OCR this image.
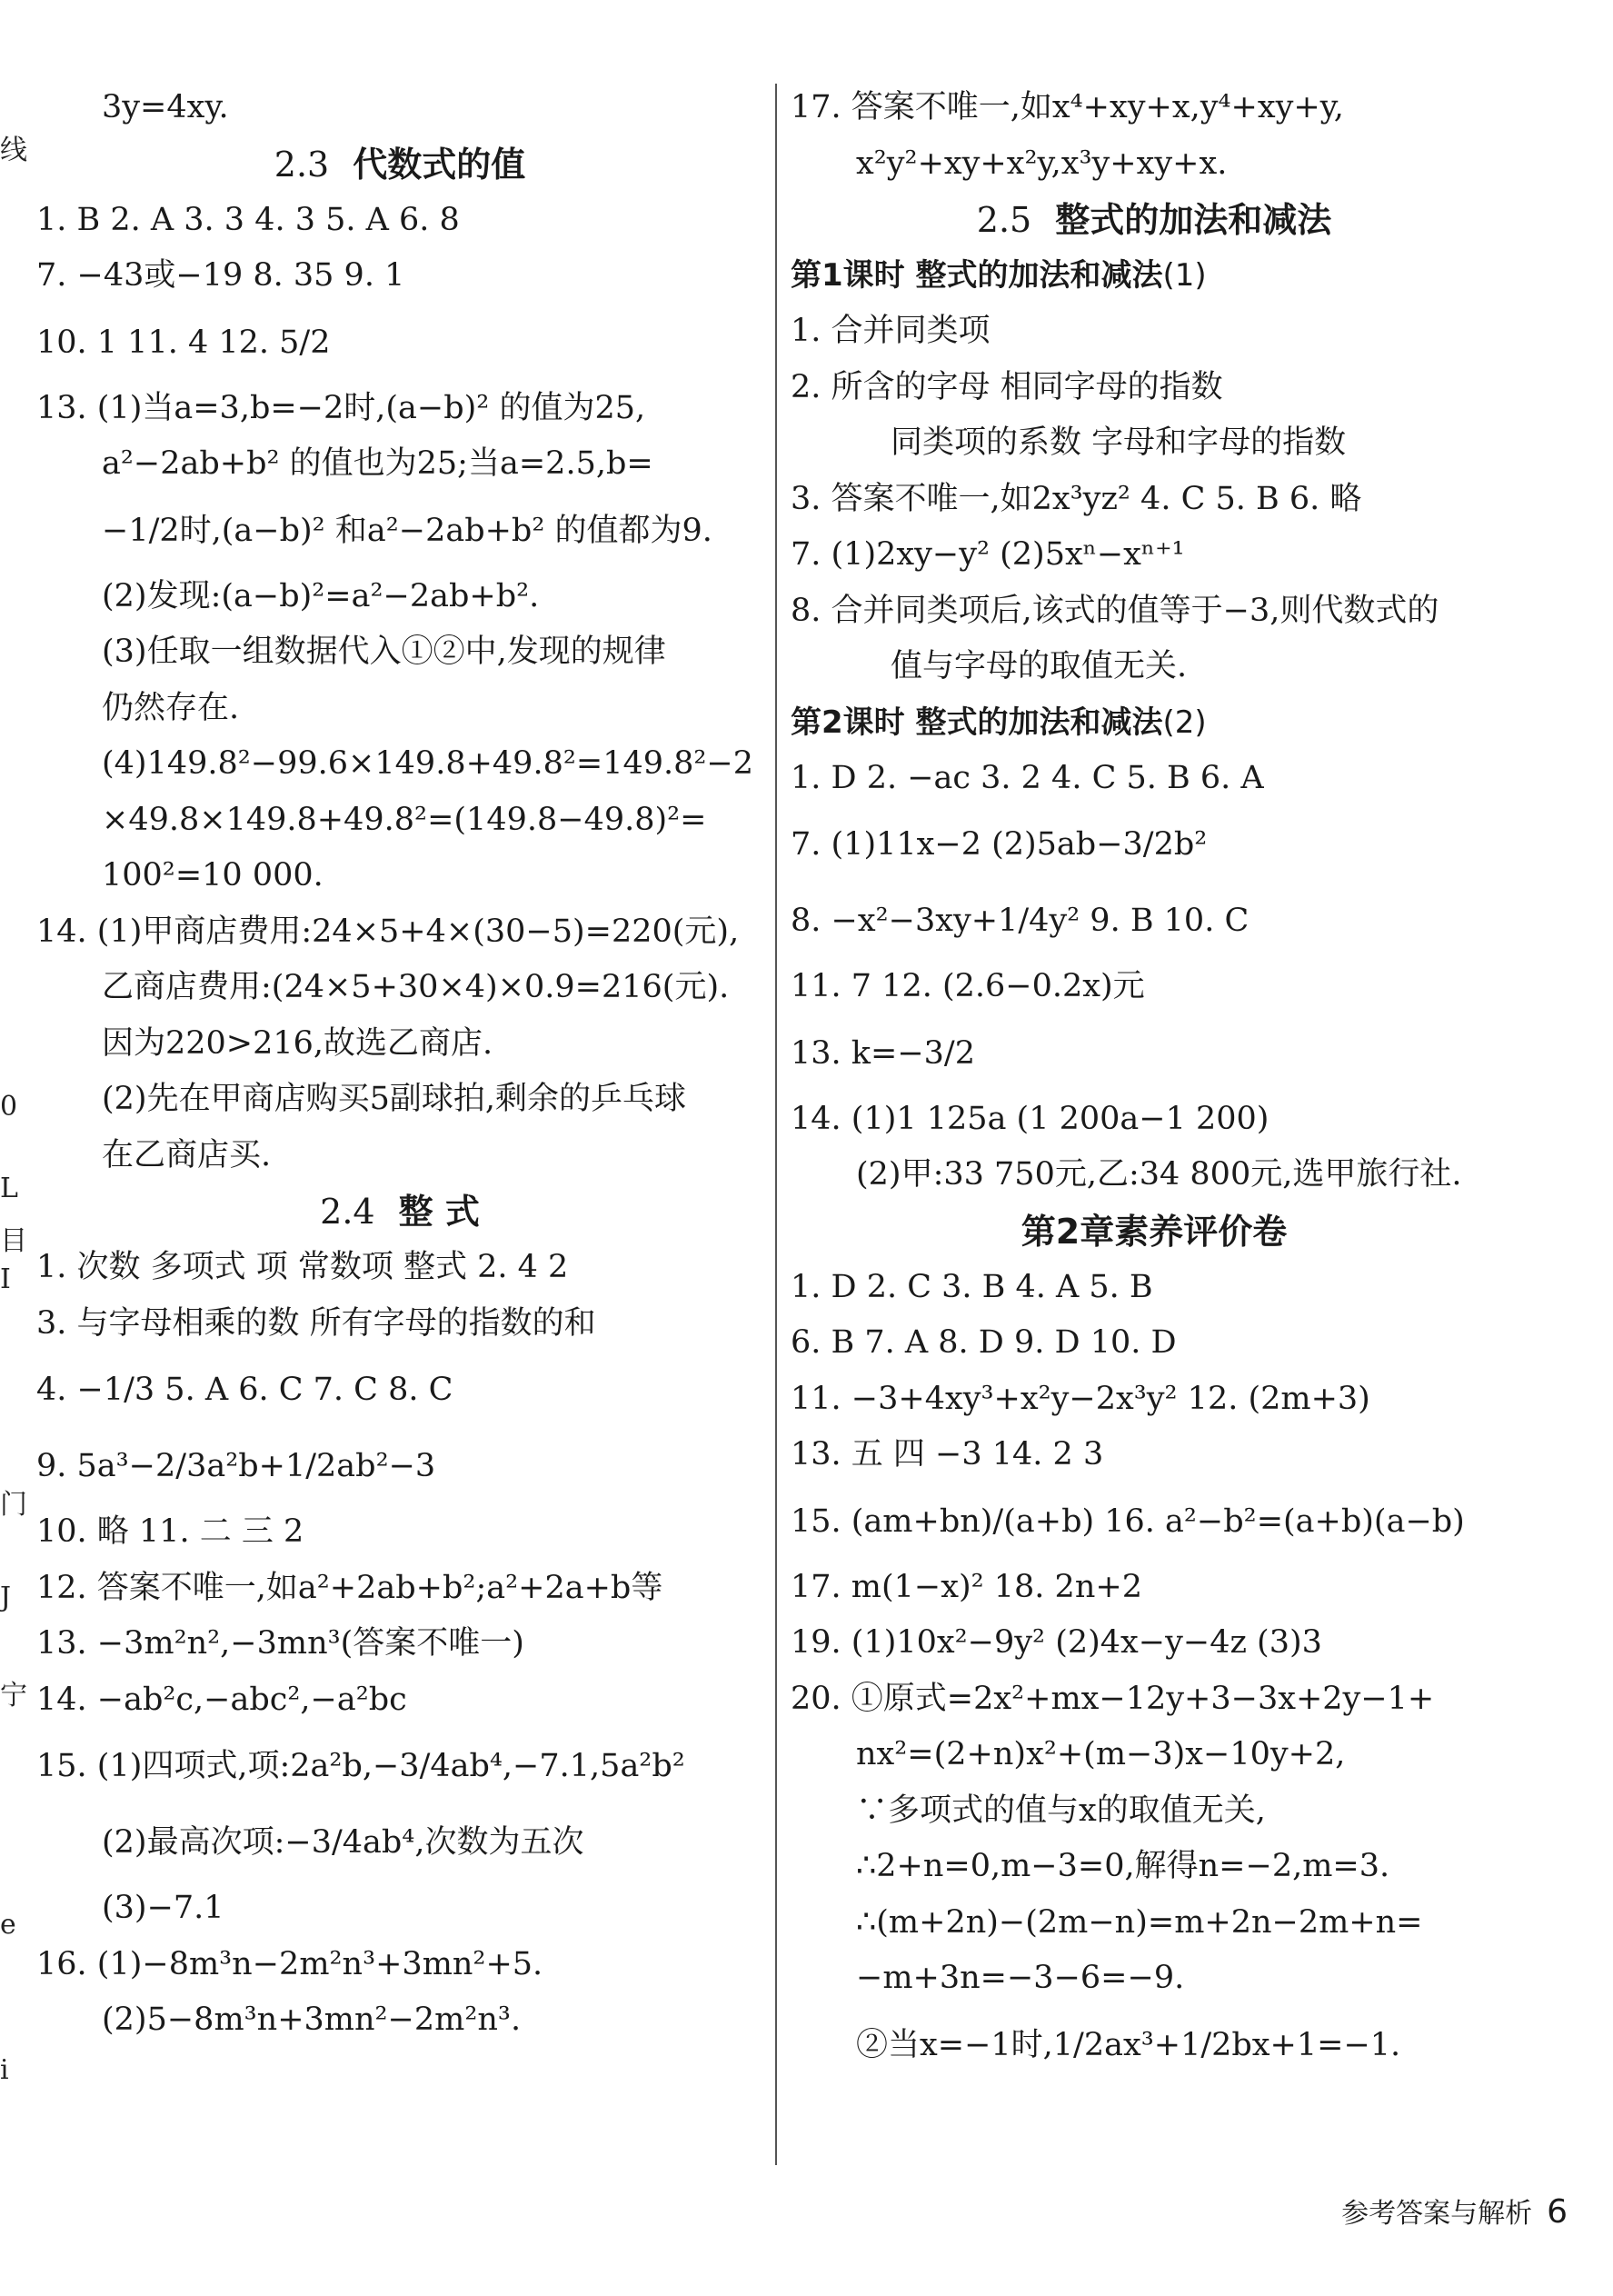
线
0
L
目
I
门
J
宁
e
i
3y=4xy.
2.3 代数式的值
1. B 2. A 3. 3 4. 3 5. A 6. 8
7. −43或−19 8. 35 9. 1
10. 1 11. 4 12. 5/2
13. (1)当a=3,b=−2时,(a−b)² 的值为25,
a²−2ab+b² 的值也为25;当a=2.5,b=
−1/2时,(a−b)² 和a²−2ab+b² 的值都为9.
(2)发现:(a−b)²=a²−2ab+b².
(3)任取一组数据代入①②中,发现的规律
仍然存在.
(4)149.8²−99.6×149.8+49.8²=149.8²−2
×49.8×149.8+49.8²=(149.8−49.8)²=
100²=10 000.
14. (1)甲商店费用:24×5+4×(30−5)=220(元),
乙商店费用:(24×5+30×4)×0.9=216(元).
因为220>216,故选乙商店.
(2)先在甲商店购买5副球拍,剩余的乒乓球
在乙商店买.
2.4 整 式
1. 次数 多项式 项 常数项 整式 2. 4 2
3. 与字母相乘的数 所有字母的指数的和
4. −1/3 5. A 6. C 7. C 8. C
9. 5a³−2/3a²b+1/2ab²−3
10. 略 11. 二 三 2
12. 答案不唯一,如a²+2ab+b²;a²+2a+b等
13. −3m²n²,−3mn³(答案不唯一)
14. −ab²c,−abc²,−a²bc
15. (1)四项式,项:2a²b,−3/4ab⁴,−7.1,5a²b²
(2)最高次项:−3/4ab⁴,次数为五次
(3)−7.1
16. (1)−8m³n−2m²n³+3mn²+5.
(2)5−8m³n+3mn²−2m²n³.
17. 答案不唯一,如x⁴+xy+x,y⁴+xy+y,
x²y²+xy+x²y,x³y+xy+x.
2.5 整式的加法和减法
第1课时 整式的加法和减法(1)
1. 合并同类项
2. 所含的字母 相同字母的指数
同类项的系数 字母和字母的指数
3. 答案不唯一,如2x³yz² 4. C 5. B 6. 略
7. (1)2xy−y² (2)5xⁿ−xⁿ⁺¹
8. 合并同类项后,该式的值等于−3,则代数式的
值与字母的取值无关.
第2课时 整式的加法和减法(2)
1. D 2. −ac 3. 2 4. C 5. B 6. A
7. (1)11x−2 (2)5ab−3/2b²
8. −x²−3xy+1/4y² 9. B 10. C
11. 7 12. (2.6−0.2x)元
13. k=−3/2
14. (1)1 125a (1 200a−1 200)
(2)甲:33 750元,乙:34 800元,选甲旅行社.
第2章素养评价卷
1. D 2. C 3. B 4. A 5. B
6. B 7. A 8. D 9. D 10. D
11. −3+4xy³+x²y−2x³y² 12. (2m+3)
13. 五 四 −3 14. 2 3
15. (am+bn)/(a+b) 16. a²−b²=(a+b)(a−b)
17. m(1−x)² 18. 2n+2
19. (1)10x²−9y² (2)4x−y−4z (3)3
20. ①原式=2x²+mx−12y+3−3x+2y−1+
nx²=(2+n)x²+(m−3)x−10y+2,
∵多项式的值与x的取值无关,
∴2+n=0,m−3=0,解得n=−2,m=3.
∴(m+2n)−(2m−n)=m+2n−2m+n=
−m+3n=−3−6=−9.
②当x=−1时,1/2ax³+1/2bx+1=−1.
参考答案与解析 6
